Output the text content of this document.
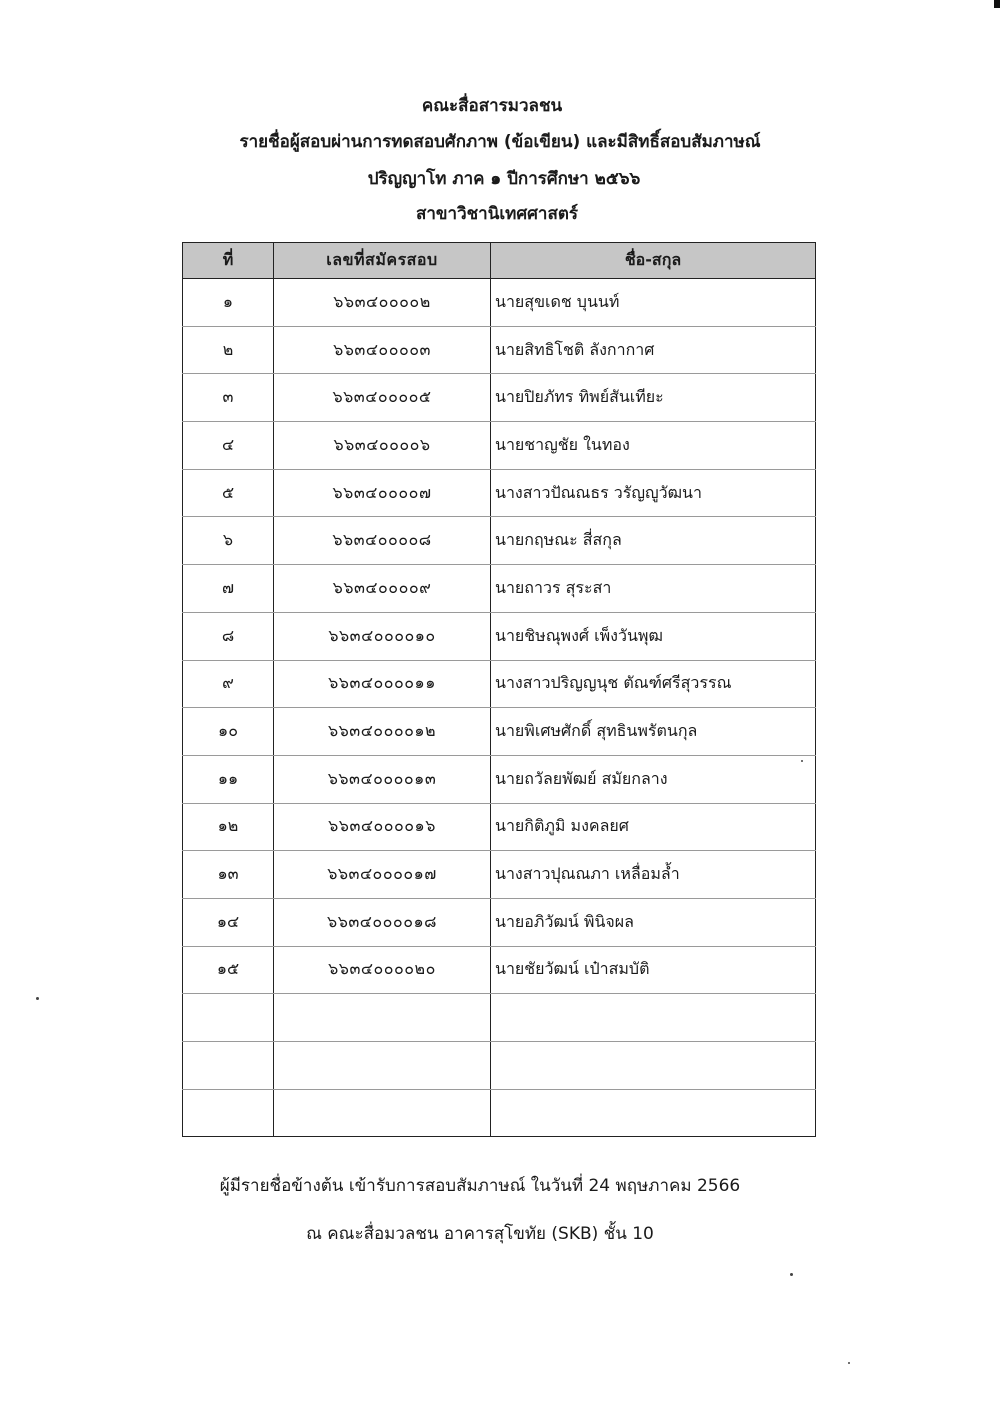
คณะสื่อสารมวลชน
รายชื่อผู้สอบผ่านการทดสอบศักภาพ (ข้อเขียน) และมีสิทธิ์สอบสัมภาษณ์
ปริญญาโท ภาค ๑ ปีการศึกษา ๒๕๖๖
สาขาวิชานิเทศศาสตร์
ที่	เลขที่สมัครสอบ	ชื่อ-สกุล
๑	๖๖๓๔๐๐๐๐๒	นายสุขเดช บุนนท์
๒	๖๖๓๔๐๐๐๐๓	นายสิทธิโชติ ลังกากาศ
๓	๖๖๓๔๐๐๐๐๕	นายปิยภัทร ทิพย์สันเทียะ
๔	๖๖๓๔๐๐๐๐๖	นายชาญชัย ในทอง
๕	๖๖๓๔๐๐๐๐๗	นางสาวปัณณธร วรัญญูวัฒนา
๖	๖๖๓๔๐๐๐๐๘	นายกฤษณะ สี่สกุล
๗	๖๖๓๔๐๐๐๐๙	นายถาวร สุระสา
๘	๖๖๓๔๐๐๐๐๑๐	นายชิษณุพงศ์ เพ็งวันพุฒ
๙	๖๖๓๔๐๐๐๐๑๑	นางสาวปริญญนุช ตัณฑ์ศรีสุวรรณ
๑๐	๖๖๓๔๐๐๐๐๑๒	นายพิเศษศักดิ์ สุทธินพรัตนกุล
๑๑	๖๖๓๔๐๐๐๐๑๓	นายถวัลยพัฒย์ สมัยกลาง
๑๒	๖๖๓๔๐๐๐๐๑๖	นายกิติภูมิ มงคลยศ
๑๓	๖๖๓๔๐๐๐๐๑๗	นางสาวปุณณภา เหลื่อมล้ำ
๑๔	๖๖๓๔๐๐๐๐๑๘	นายอภิวัฒน์ พินิจผล
๑๕	๖๖๓๔๐๐๐๐๒๐	นายชัยวัฒน์ เป๋าสมบัติ

ผู้มีรายชื่อข้างต้น เข้ารับการสอบสัมภาษณ์ ในวันที่ 24 พฤษภาคม 2566
ณ คณะสื่อมวลชน อาคารสุโขทัย (SKB) ชั้น 10
